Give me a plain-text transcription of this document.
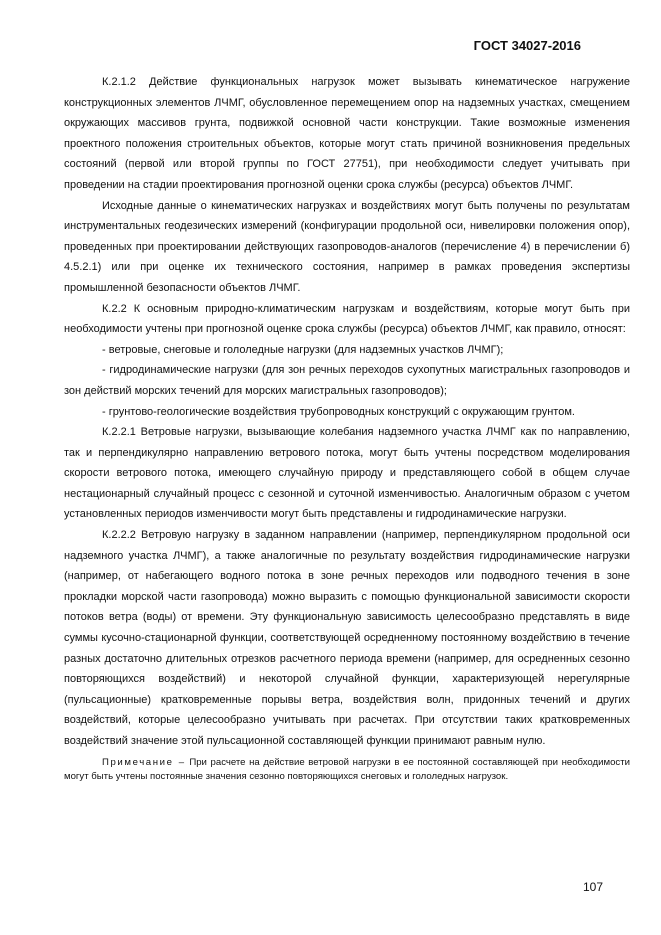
ГОСТ 34027-2016

К.2.1.2 Действие функциональных нагрузок может вызывать кинематическое нагружение конструкционных элементов ЛЧМГ, обусловленное перемещением опор на надземных участках, смещением окружающих массивов грунта, подвижкой основной части конструкции. Такие возможные изменения проектного положения строительных объектов, которые могут стать причиной возникновения предельных состояний (первой или второй группы по ГОСТ 27751), при необходимости следует учитывать при проведении на стадии проектирования прогнозной оценки срока службы (ресурса) объектов ЛЧМГ.

Исходные данные о кинематических нагрузках и воздействиях могут быть получены по результатам инструментальных геодезических измерений (конфигурации продольной оси, нивелировки положения опор), проведенных при проектировании действующих газопроводов-аналогов (перечисление 4) в перечислении б) 4.5.2.1) или при оценке их технического состояния, например в рамках проведения экспертизы промышленной безопасности объектов ЛЧМГ.

К.2.2 К основным природно-климатическим нагрузкам и воздействиям, которые могут быть при необходимости учтены при прогнозной оценке срока службы (ресурса) объектов ЛЧМГ, как правило, относят:

- ветровые, снеговые и гололедные нагрузки (для надземных участков ЛЧМГ);

- гидродинамические нагрузки (для зон речных переходов сухопутных магистральных газопроводов и зон действий морских течений для морских магистральных газопроводов);

- грунтово-геологические воздействия трубопроводных конструкций с окружающим грунтом.

К.2.2.1 Ветровые нагрузки, вызывающие колебания надземного участка ЛЧМГ как по направлению, так и перпендикулярно направлению ветрового потока, могут быть учтены посредством моделирования скорости ветрового потока, имеющего случайную природу и представляющего собой в общем случае нестационарный случайный процесс с сезонной и суточной изменчивостью. Аналогичным образом с учетом установленных периодов изменчивости могут быть представлены и гидродинамические нагрузки.

К.2.2.2 Ветровую нагрузку в заданном направлении (например, перпендикулярном продольной оси надземного участка ЛЧМГ), а также аналогичные по результату воздействия гидродинамические нагрузки (например, от набегающего водного потока в зоне речных переходов или подводного течения в зоне прокладки морской части газопровода) можно выразить с помощью функциональной зависимости скорости потоков ветра (воды) от времени. Эту функциональную зависимость целесообразно представлять в виде суммы кусочно-стационарной функции, соответствующей осредненному постоянному воздействию в течение разных достаточно длительных отрезков расчетного периода времени (например, для осредненных сезонно повторяющихся воздействий) и некоторой случайной функции, характеризующей нерегулярные (пульсационные) кратковременные порывы ветра, воздействия волн, придонных течений и других воздействий, которые целесообразно учитывать при расчетах. При отсутствии таких кратковременных воздействий значение этой пульсационной составляющей функции принимают равным нулю.

Примечание – При расчете на действие ветровой нагрузки в ее постоянной составляющей при необходимости могут быть учтены постоянные значения сезонно повторяющихся снеговых и гололедных нагрузок.

107
